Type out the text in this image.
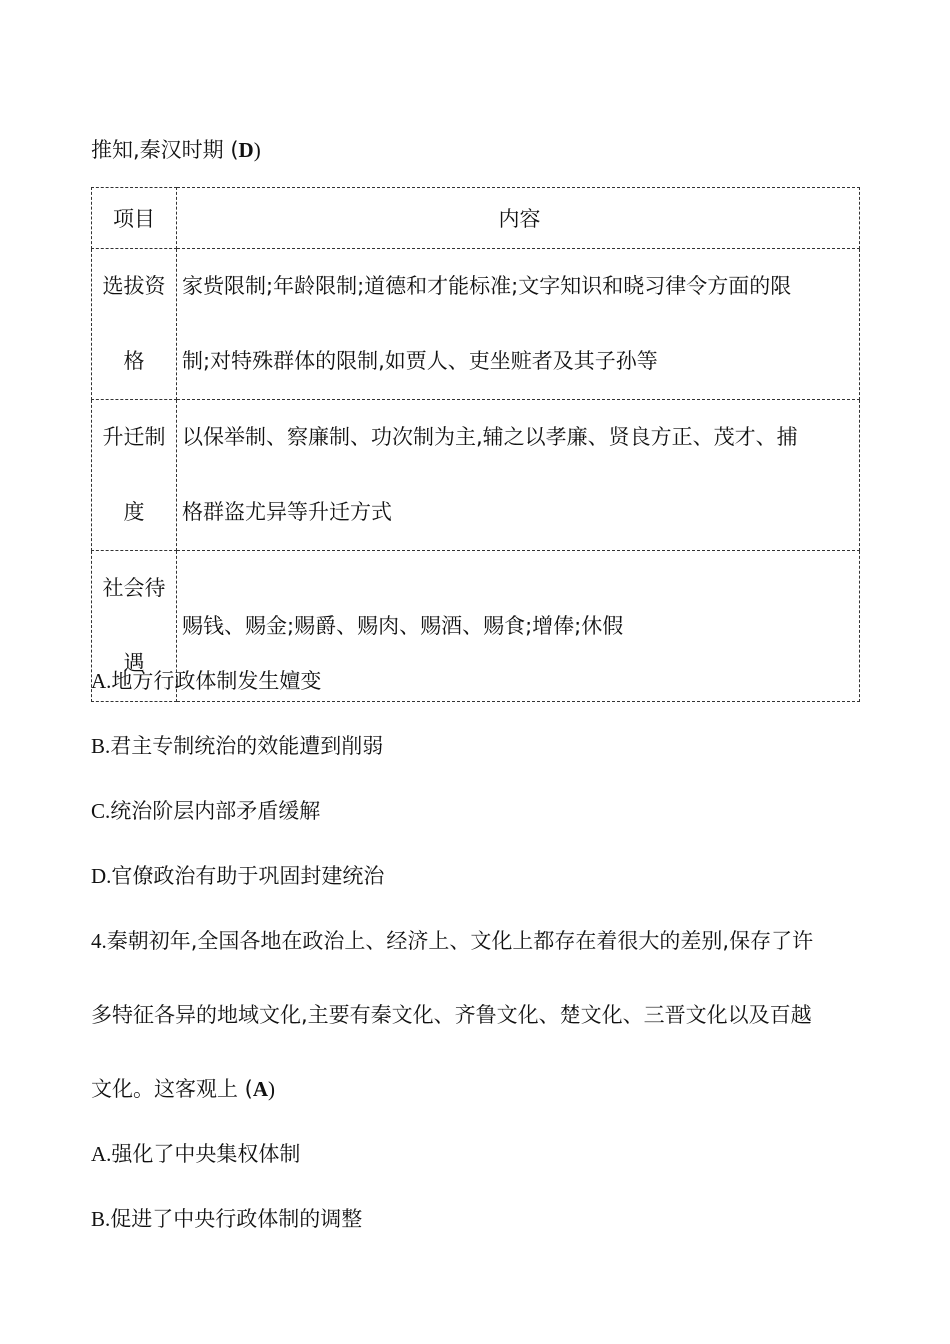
推知,秦汉时期 (D)
项目	内容

选拔资
格	家赀限制;年龄限制;道德和才能标准;文字知识和晓习律令方面的限
制;对特殊群体的限制,如贾人、吏坐赃者及其子孙等

升迁制
度	以保举制、察廉制、功次制为主,辅之以孝廉、贤良方正、茂才、捕
格群盗尤异等升迁方式

社会待
遇	赐钱、赐金;赐爵、赐肉、赐酒、赐食;增俸;休假
A.地方行政体制发生嬗变
B.君主专制统治的效能遭到削弱
C.统治阶层内部矛盾缓解
D.官僚政治有助于巩固封建统治
4.秦朝初年,全国各地在政治上、经济上、文化上都存在着很大的差别,保存了许
多特征各异的地域文化,主要有秦文化、齐鲁文化、楚文化、三晋文化以及百越
文化。这客观上 (A)
A.强化了中央集权体制
B.促进了中央行政体制的调整
